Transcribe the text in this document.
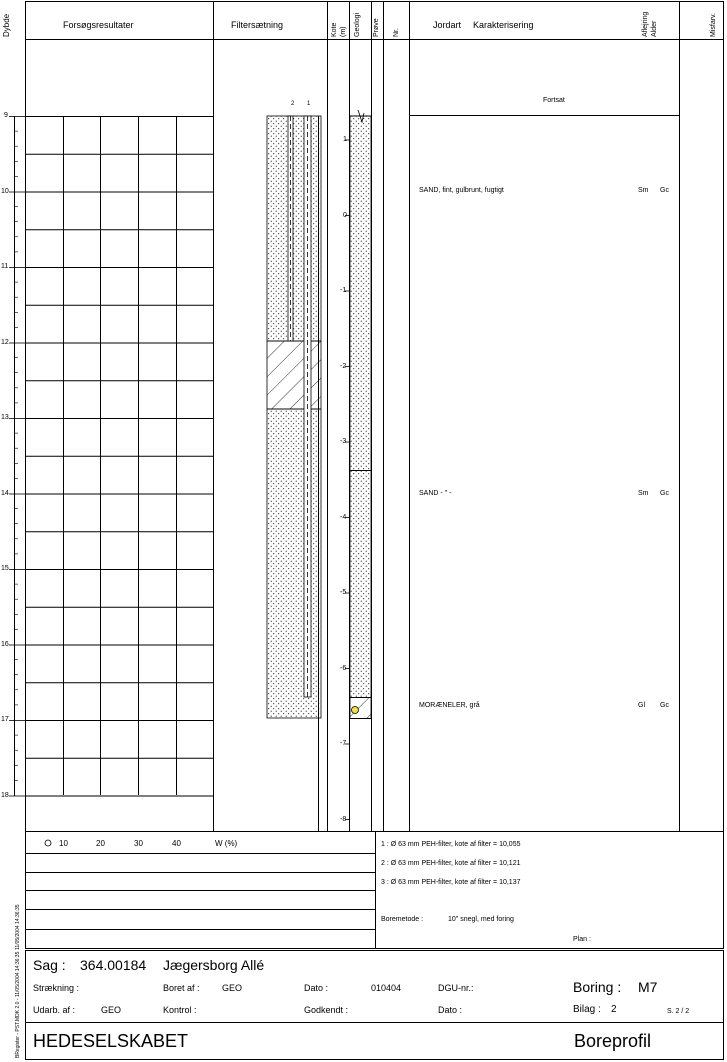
Dybde	Forsøgsresultater	Filtersætning	Kote (m) Geologi Prøve Nr.
Jordart Karakterisering	Aflejring Alder	Misfarv.
Fortsat
2 1
9
10
11
12
13
14
15
16
17
18
1
0
-1
-2
-3
-4
-5
-6
-7
-8
SAND, fint, gulbrunt, fugtigt	Sm Gc
SAND - " -	Sm Gc
MORÆNELER, grå	Gl Gc
10	20	30	40	W (%)	1 : Ø 63 mm PEH-filter, kote af filter = 10,055
2 : Ø 63 mm PEH-filter, kote af filter = 10,121
3 : Ø 63 mm PEH-filter, kote af filter = 10,137
Boremetode :	10" snegl, med foring
Plan :
Sag : 364.00184 Jægersborg Allé
Strækning :	Boret af : GEO	Dato :	010404	DGU-nr.:	Boring : M7
Udarb. af :	GEO	Kontrol :	Godkendt :	Dato :	Bilag : 2	S. 2 / 2
HEDESELSKABET	Boreprofil
11/05/2004 14:36:35
BRegister - PST.MDK 2.0 - 11/05/2004 14:36:35
